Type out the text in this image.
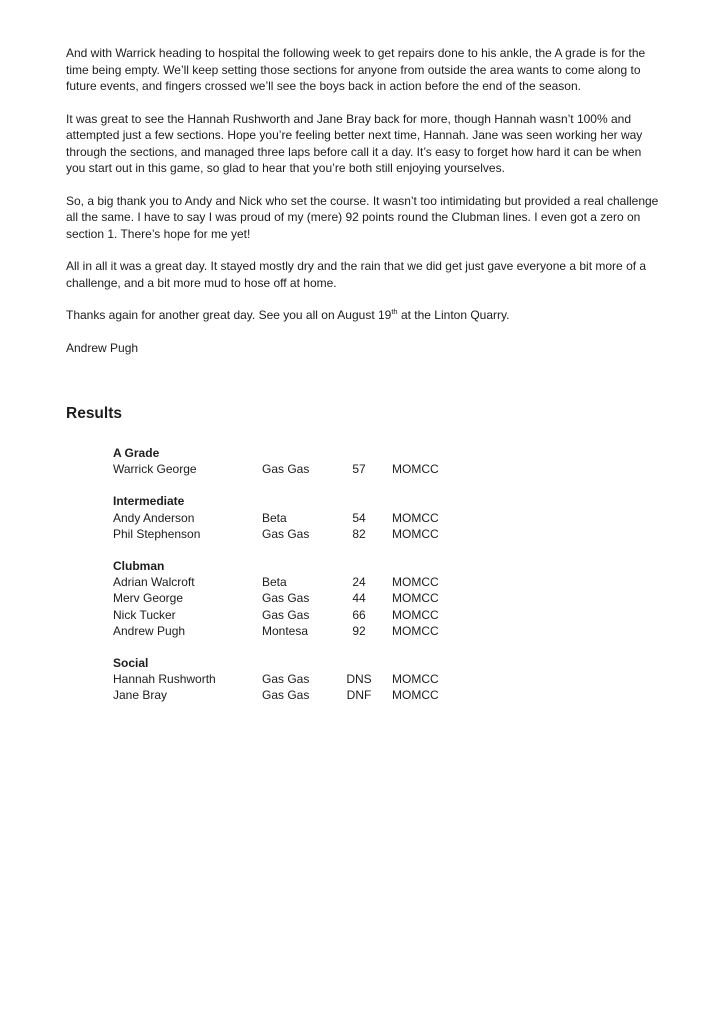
And with Warrick heading to hospital the following week to get repairs done to his ankle, the A grade is for the time being empty. We’ll keep setting those sections for anyone from outside the area wants to come along to future events, and fingers crossed we’ll see the boys back in action before the end of the season.

It was great to see the Hannah Rushworth and Jane Bray back for more, though Hannah wasn’t 100% and attempted just a few sections. Hope you’re feeling better next time, Hannah. Jane was seen working her way through the sections, and managed three laps before call it a day. It’s easy to forget how hard it can be when you start out in this game, so glad to hear that you’re both still enjoying yourselves.

So, a big thank you to Andy and Nick who set the course. It wasn’t too intimidating but provided a real challenge all the same. I have to say I was proud of my (mere) 92 points round the Clubman lines. I even got a zero on section 1. There’s hope for me yet!

All in all it was a great day. It stayed mostly dry and the rain that we did get just gave everyone a bit more of a challenge, and a bit more mud to hose off at home.

Thanks again for another great day. See you all on August 19th at the Linton Quarry.

Andrew Pugh

Results
A Grade
Warrick George	Gas Gas	57	MOMCC
Intermediate
Andy Anderson	Beta	54	MOMCC
Phil Stephenson	Gas Gas	82	MOMCC
Clubman
Adrian Walcroft	Beta	24	MOMCC
Merv George	Gas Gas	44	MOMCC
Nick Tucker	Gas Gas	66	MOMCC
Andrew Pugh	Montesa	92	MOMCC
Social
Hannah Rushworth	Gas Gas	DNS	MOMCC
Jane Bray	Gas Gas	DNF	MOMCC
